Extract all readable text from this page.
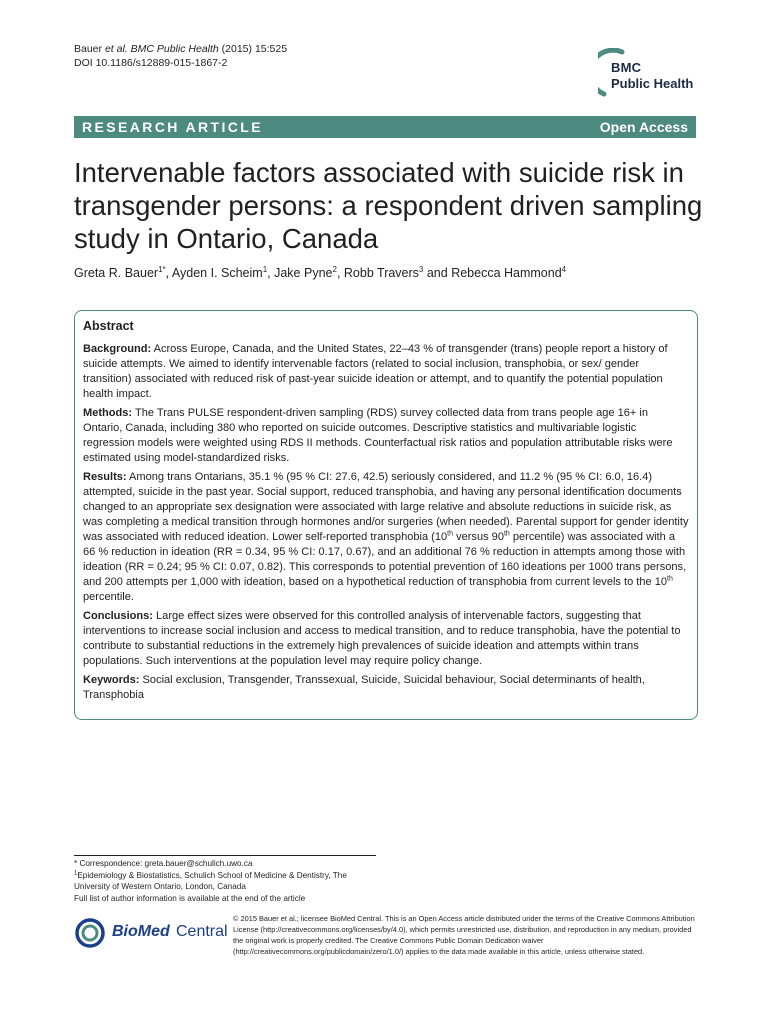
Bauer et al. BMC Public Health (2015) 15:525
DOI 10.1186/s12889-015-1867-2	BMC
Public Health
RESEARCH ARTICLE	Open Access
Intervenable factors associated with suicide risk in transgender persons: a respondent driven sampling study in Ontario, Canada
Greta R. Bauer$^{1*}$, Ayden I. Scheim$^1$, Jake Pyne$^2$, Robb Travers$^3$ and Rebecca Hammond$^4$
Abstract

Background: Across Europe, Canada, and the United States, 22–43 % of transgender (trans) people report a history of suicide attempts. We aimed to identify intervenable factors (related to social inclusion, transphobia, or sex/ gender transition) associated with reduced risk of past-year suicide ideation or attempt, and to quantify the potential population health impact.

Methods: The Trans PULSE respondent-driven sampling (RDS) survey collected data from trans people age 16+ in Ontario, Canada, including 380 who reported on suicide outcomes. Descriptive statistics and multivariable logistic regression models were weighted using RDS II methods. Counterfactual risk ratios and population attributable risks were estimated using model-standardized risks.

Results: Among trans Ontarians, 35.1 % (95 % CI: 27.6, 42.5) seriously considered, and 11.2 % (95 % CI: 6.0, 16.4) attempted, suicide in the past year. Social support, reduced transphobia, and having any personal identification documents changed to an appropriate sex designation were associated with large relative and absolute reductions in suicide risk, as was completing a medical transition through hormones and/or surgeries (when needed). Parental support for gender identity was associated with reduced ideation. Lower self-reported transphobia (10th versus 90th percentile) was associated with a 66 % reduction in ideation (RR = 0.34, 95 % CI: 0.17, 0.67), and an additional 76 % reduction in attempts among those with ideation (RR = 0.24; 95 % CI: 0.07, 0.82). This corresponds to potential prevention of 160 ideations per 1000 trans persons, and 200 attempts per 1,000 with ideation, based on a hypothetical reduction of transphobia from current levels to the 10th percentile.

Conclusions: Large effect sizes were observed for this controlled analysis of intervenable factors, suggesting that interventions to increase social inclusion and access to medical transition, and to reduce transphobia, have the potential to contribute to substantial reductions in the extremely high prevalences of suicide ideation and attempts within trans populations. Such interventions at the population level may require policy change.

Keywords: Social exclusion, Transgender, Transsexual, Suicide, Suicidal behaviour, Social determinants of health, Transphobia

* Correspondence: greta.bauer@schulich.uwo.ca
$^1$Epidemiology & Biostatistics, Schulich School of Medicine & Dentistry, The University of Western Ontario, London, Canada
Full list of author information is available at the end of the article
BioMed Central
© 2015 Bauer et al.; licensee BioMed Central. This is an Open Access article distributed under the terms of the Creative Commons Attribution License (http://creativecommons.org/licenses/by/4.0), which permits unrestricted use, distribution, and reproduction in any medium, provided the original work is properly credited. The Creative Commons Public Domain Dedication waiver (http://creativecommons.org/publicdomain/zero/1.0/) applies to the data made available in this article, unless otherwise stated.
